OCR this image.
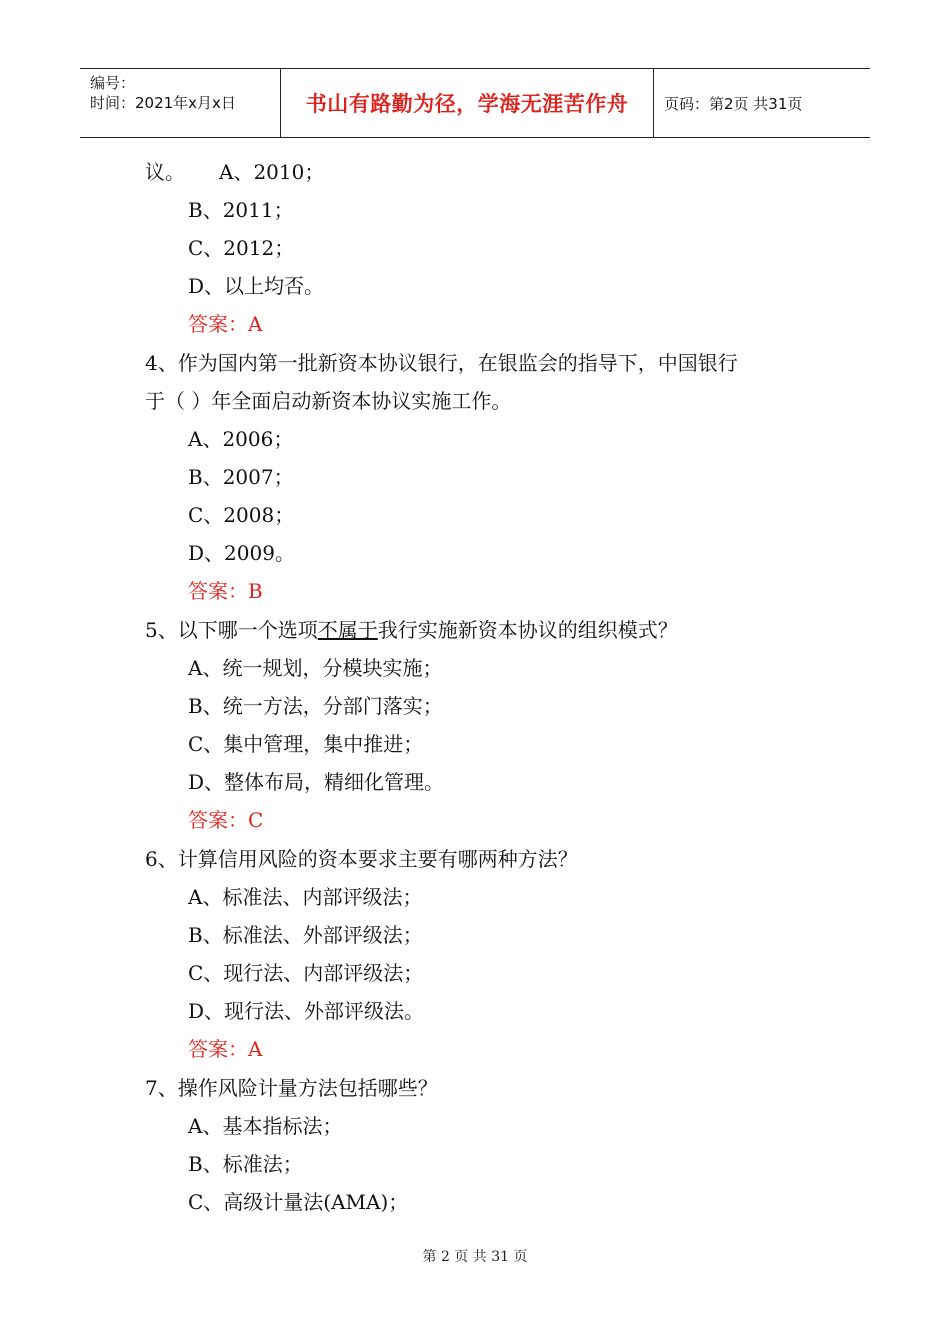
编号：
时间：2021年x月x日	书山有路勤为径，学海无涯苦作舟	页码：第2页 共31页
议。 A、2010；
B、2011；
C、2012；
D、以上均否。
答案：A
4、作为国内第一批新资本协议银行，在银监会的指导下，中国银行
于（ ）年全面启动新资本协议实施工作。
A、2006；
B、2007；
C、2008；
D、2009。
答案：B
5、以下哪一个选项不属于我行实施新资本协议的组织模式？
A、统一规划，分模块实施；
B、统一方法，分部门落实；
C、集中管理，集中推进；
D、整体布局，精细化管理。
答案：C
6、计算信用风险的资本要求主要有哪两种方法？
A、标准法、内部评级法；
B、标准法、外部评级法；
C、现行法、内部评级法；
D、现行法、外部评级法。
答案：A
7、操作风险计量方法包括哪些？
A、基本指标法；
B、标准法；
C、高级计量法(AMA)；
第 2 页 共 31 页
